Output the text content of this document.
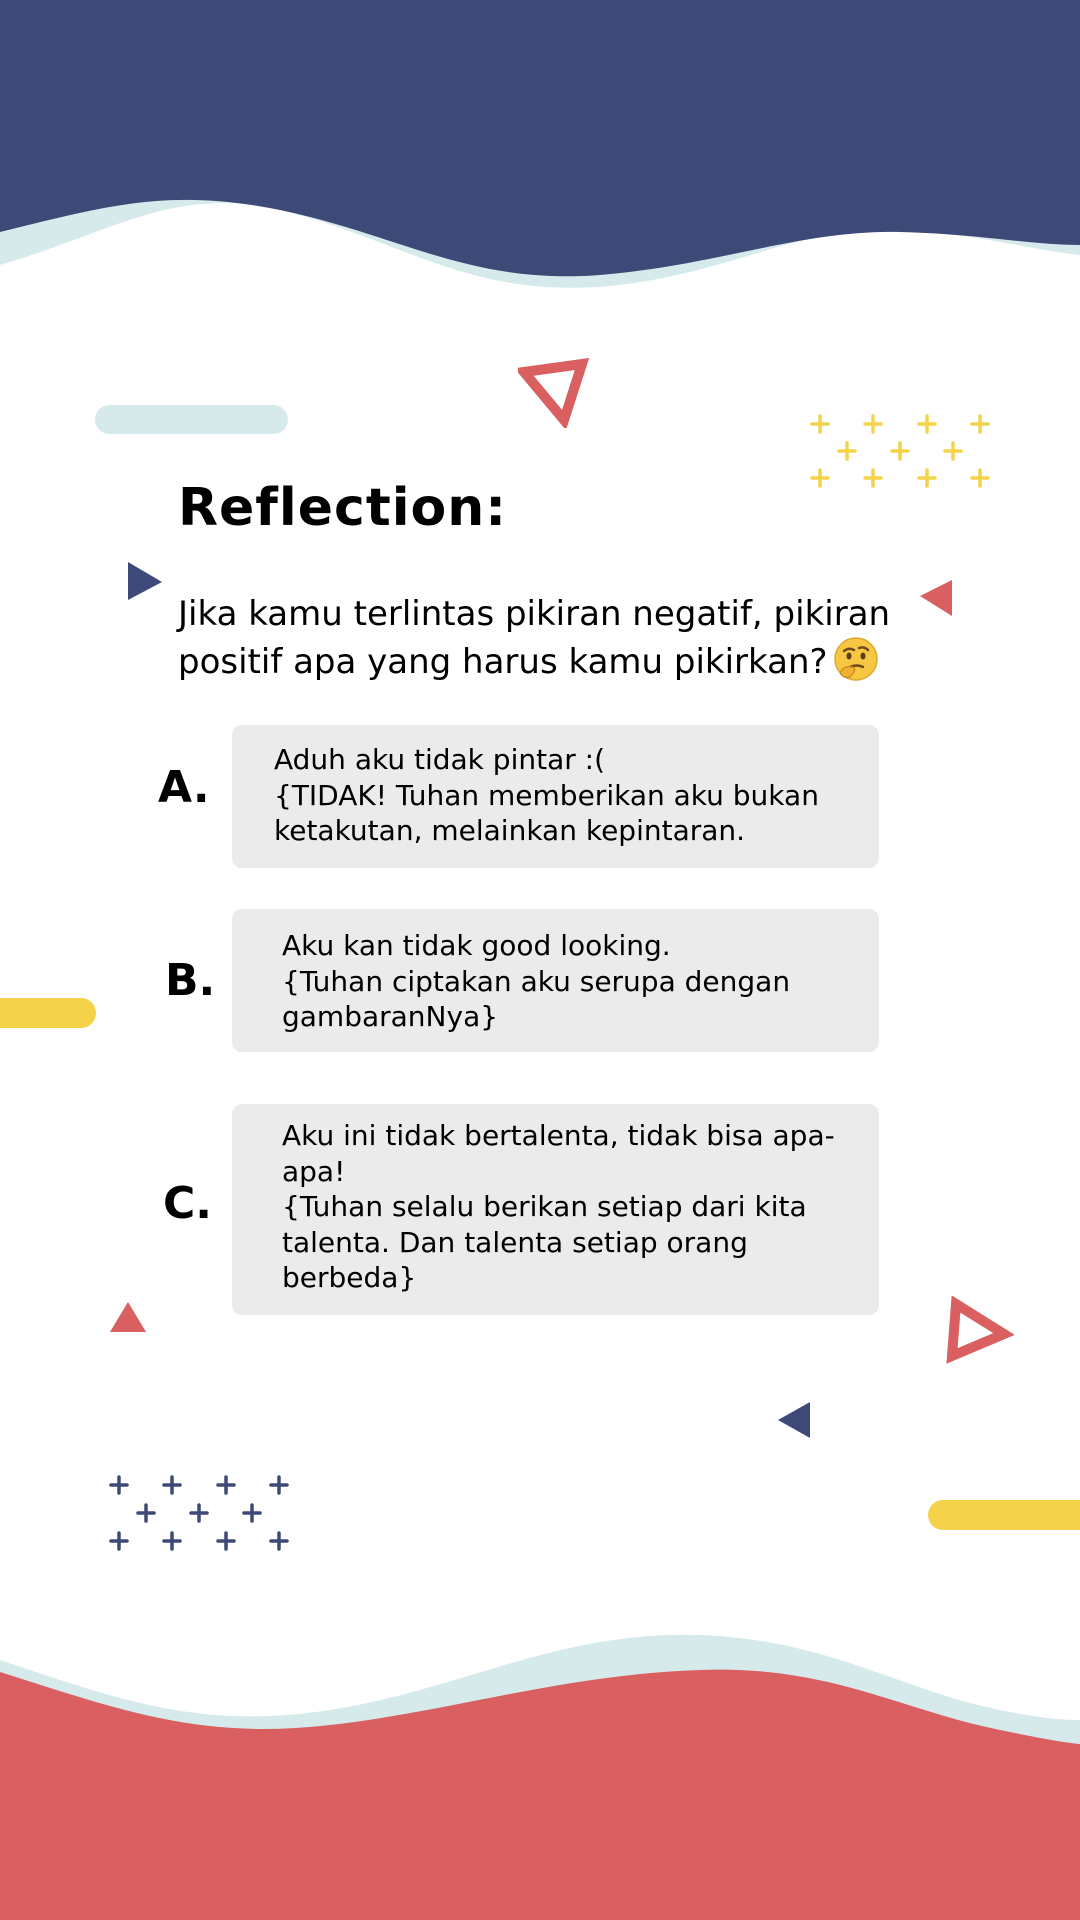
Reflection:

Jika kamu terlintas pikiran negatif, pikiran positif apa yang harus kamu pikirkan?

A.

Aduh aku tidak pintar :(
{TIDAK! Tuhan memberikan aku bukan ketakutan, melainkan kepintaran.

B.

Aku kan tidak good looking.
{Tuhan ciptakan aku serupa dengan gambaranNya}

C.

Aku ini tidak bertalenta, tidak bisa apa-apa!
{Tuhan selalu berikan setiap dari kita talenta. Dan talenta setiap orang berbeda}
